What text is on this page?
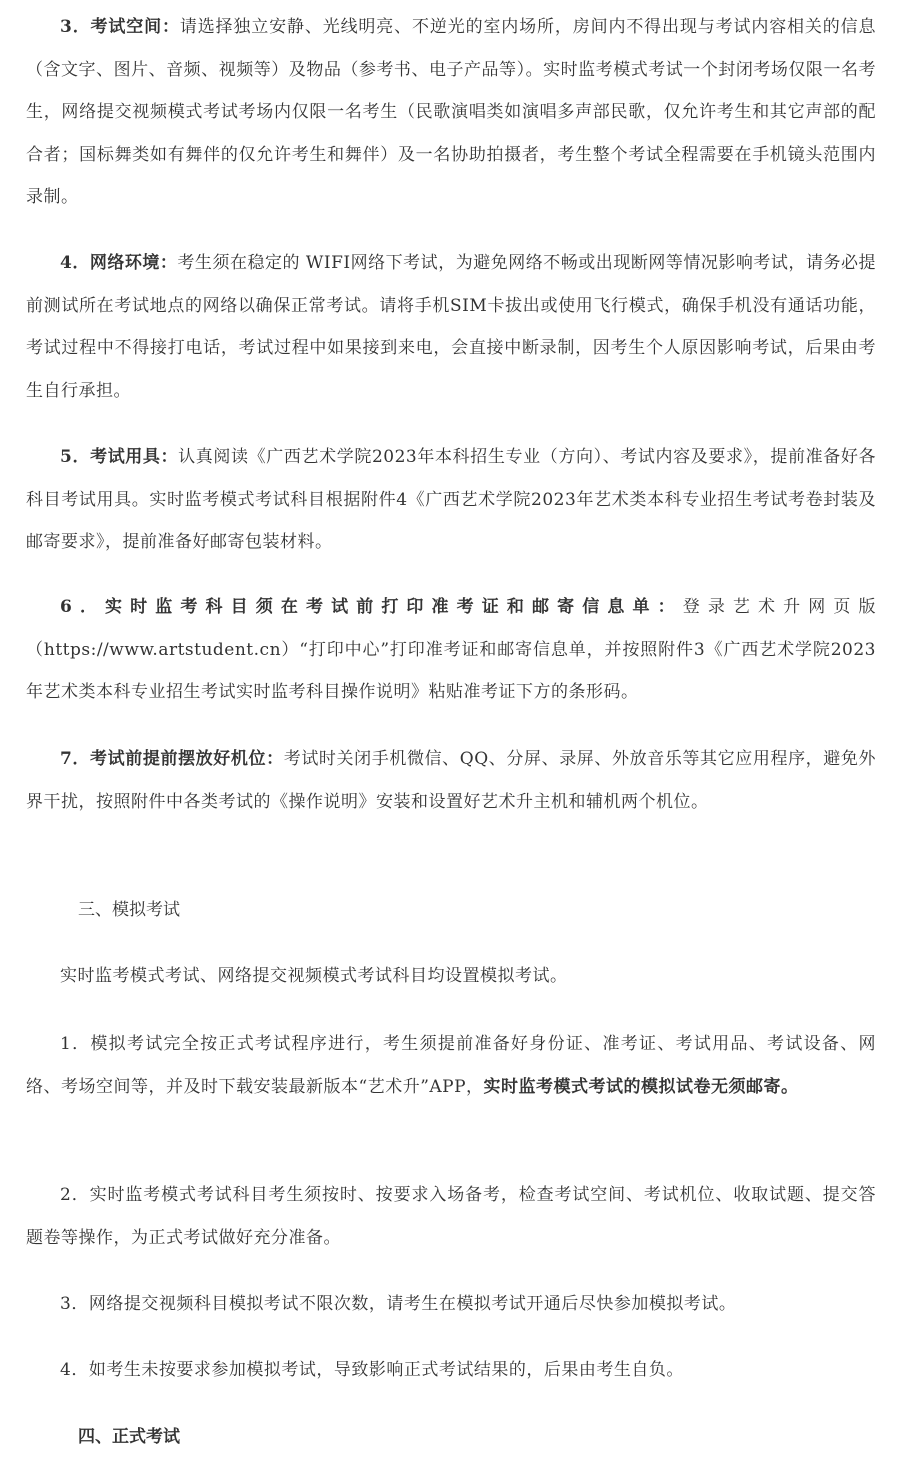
3．考试空间：请选择独立安静、光线明亮、不逆光的室内场所，房间内不得出现与考试内容相关的信息（含文字、图片、音频、视频等）及物品（参考书、电子产品等）。实时监考模式考试一个封闭考场仅限一名考生，网络提交视频模式考试考场内仅限一名考生（民歌演唱类如演唱多声部民歌，仅允许考生和其它声部的配合者；国标舞类如有舞伴的仅允许考生和舞伴）及一名协助拍摄者，考生整个考试全程需要在手机镜头范围内录制。

4．网络环境：考生须在稳定的 WIFI网络下考试，为避免网络不畅或出现断网等情况影响考试，请务必提前测试所在考试地点的网络以确保正常考试。请将手机SIM卡拔出或使用飞行模式，确保手机没有通话功能，考试过程中不得接打电话，考试过程中如果接到来电，会直接中断录制，因考生个人原因影响考试，后果由考生自行承担。

5．考试用具：认真阅读《广西艺术学院2023年本科招生专业（方向）、考试内容及要求》，提前准备好各科目考试用具。实时监考模式考试科目根据附件4《广西艺术学院2023年艺术类本科专业招生考试考卷封装及邮寄要求》，提前准备好邮寄包装材料。

6．实时监考科目须在考试前打印准考证和邮寄信息单：登录艺术升网页版（https://www.artstudent.cn）“打印中心”打印准考证和邮寄信息单，并按照附件3《广西艺术学院2023年艺术类本科专业招生考试实时监考科目操作说明》粘贴准考证下方的条形码。

7．考试前提前摆放好机位：考试时关闭手机微信、QQ、分屏、录屏、外放音乐等其它应用程序，避免外界干扰，按照附件中各类考试的《操作说明》安装和设置好艺术升主机和辅机两个机位。

三、模拟考试

实时监考模式考试、网络提交视频模式考试科目均设置模拟考试。

1．模拟考试完全按正式考试程序进行，考生须提前准备好身份证、准考证、考试用品、考试设备、网络、考场空间等，并及时下载安装最新版本“艺术升”APP，实时监考模式考试的模拟试卷无须邮寄。

2．实时监考模式考试科目考生须按时、按要求入场备考，检查考试空间、考试机位、收取试题、提交答题卷等操作，为正式考试做好充分准备。

3．网络提交视频科目模拟考试不限次数，请考生在模拟考试开通后尽快参加模拟考试。

4．如考生未按要求参加模拟考试，导致影响正式考试结果的，后果由考生自负。

四、正式考试
